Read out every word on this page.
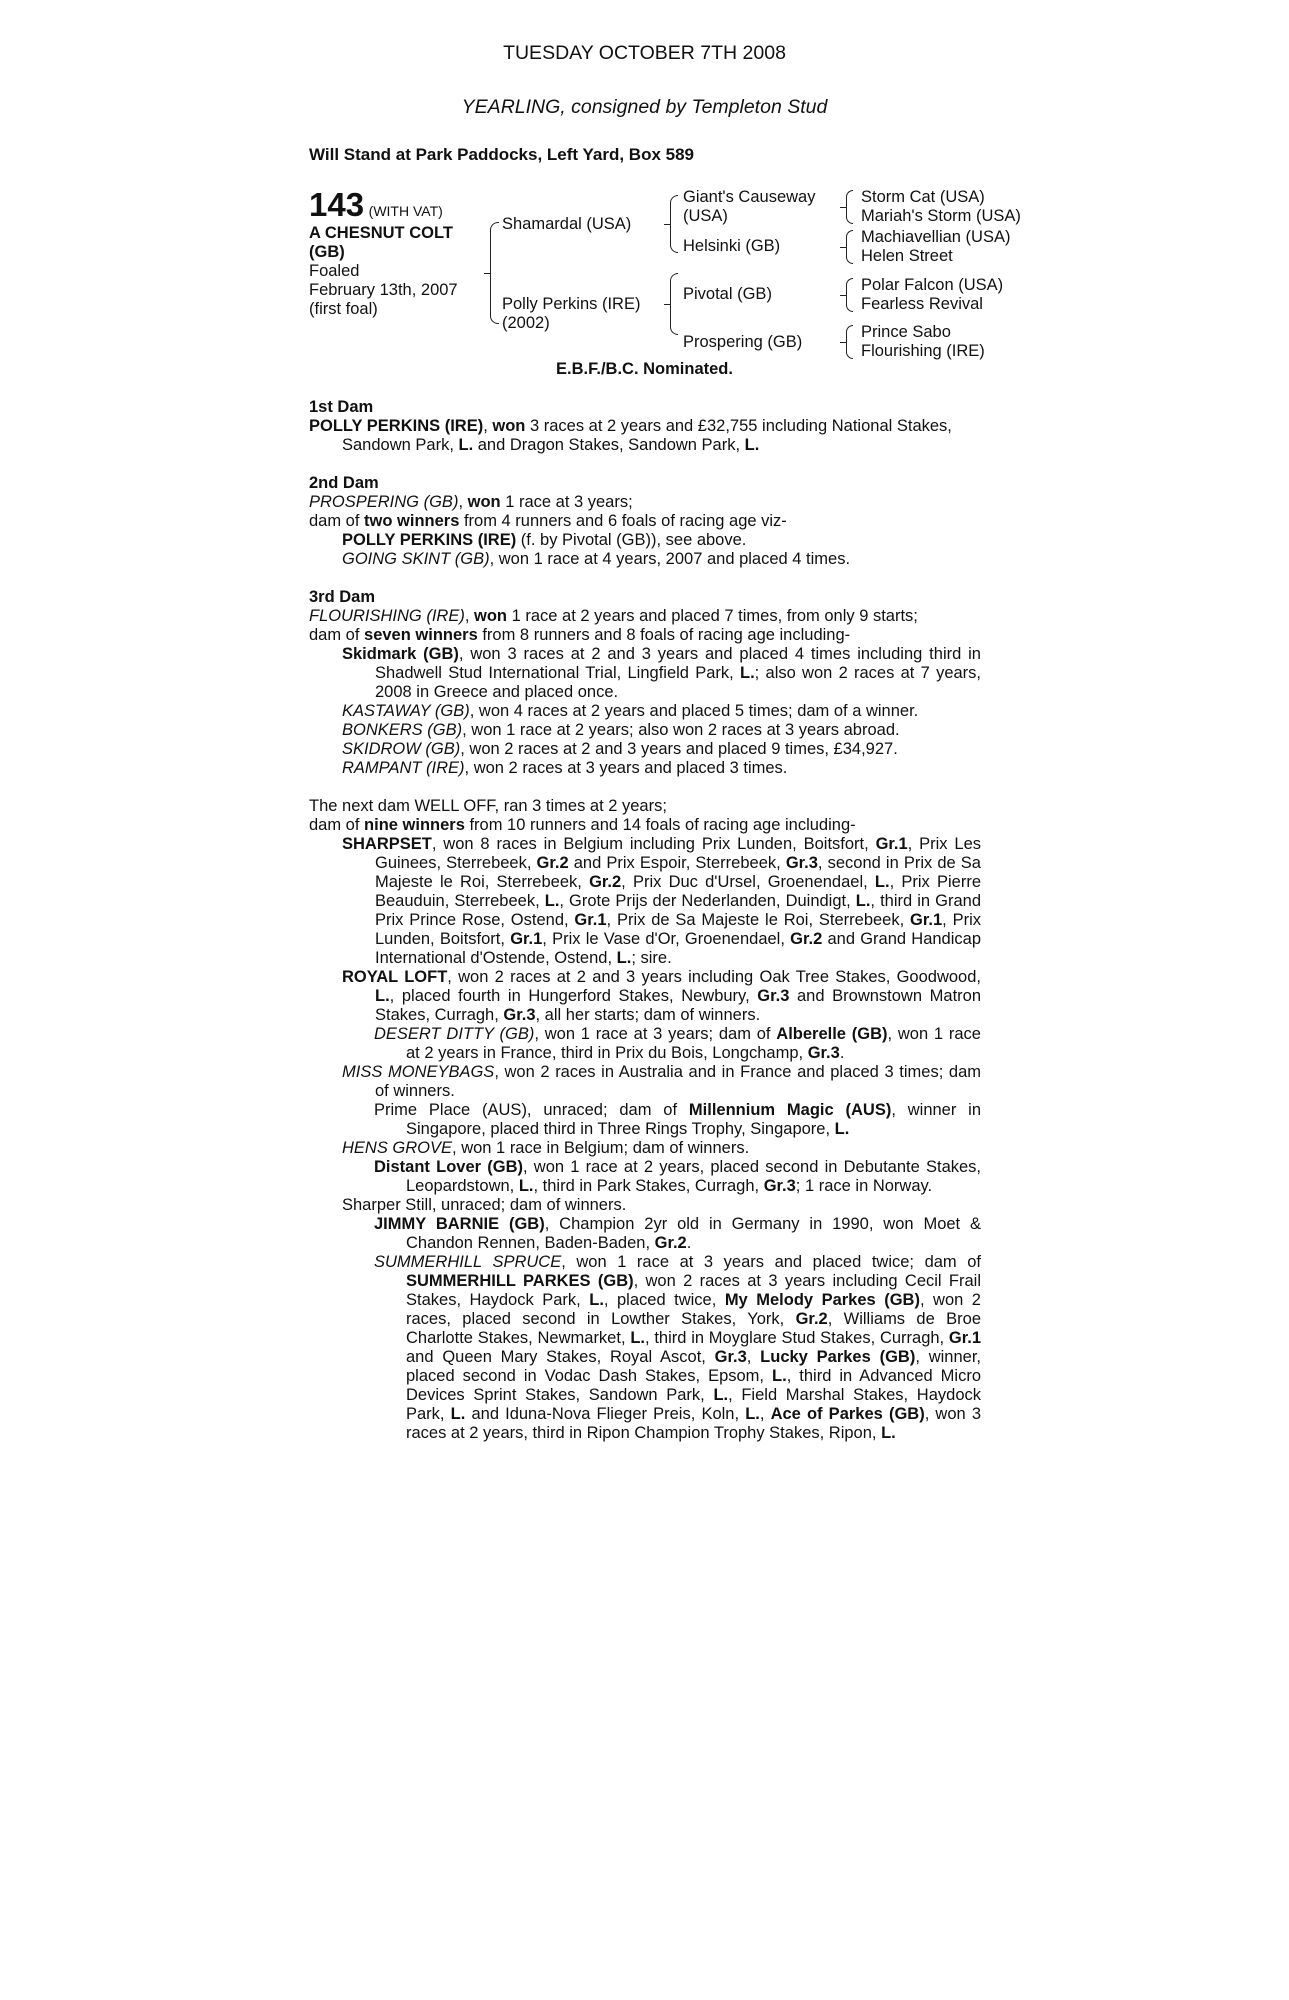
TUESDAY OCTOBER 7TH 2008
YEARLING, consigned by Templeton Stud
Will Stand at Park Paddocks, Left Yard, Box 589
143 (WITH VAT)
A CHESNUT COLT
(GB)
Foaled
February 13th, 2007
(first foal)
Shamardal (USA)
Polly Perkins (IRE)
(2002)
Giant's Causeway
(USA)
Helsinki (GB)
Pivotal (GB)
Prospering (GB)
Storm Cat (USA)
Mariah's Storm (USA)
Machiavellian (USA)
Helen Street
Polar Falcon (USA)
Fearless Revival
Prince Sabo
Flourishing (IRE)
E.B.F./B.C. Nominated.

1st Dam

POLLY PERKINS (IRE), won 3 races at 2 years and £32,755 including National Stakes, Sandown Park, L. and Dragon Stakes, Sandown Park, L.

2nd Dam

PROSPERING (GB), won 1 race at 3 years;

dam of two winners from 4 runners and 6 foals of racing age viz-

POLLY PERKINS (IRE) (f. by Pivotal (GB)), see above.

GOING SKINT (GB), won 1 race at 4 years, 2007 and placed 4 times.

3rd Dam

FLOURISHING (IRE), won 1 race at 2 years and placed 7 times, from only 9 starts;

dam of seven winners from 8 runners and 8 foals of racing age including-

Skidmark (GB), won 3 races at 2 and 3 years and placed 4 times including third in Shadwell Stud International Trial, Lingfield Park, L.; also won 2 races at 7 years, 2008 in Greece and placed once.

KASTAWAY (GB), won 4 races at 2 years and placed 5 times; dam of a winner.

BONKERS (GB), won 1 race at 2 years; also won 2 races at 3 years abroad.

SKIDROW (GB), won 2 races at 2 and 3 years and placed 9 times, £34,927.

RAMPANT (IRE), won 2 races at 3 years and placed 3 times.

The next dam WELL OFF, ran 3 times at 2 years;

dam of nine winners from 10 runners and 14 foals of racing age including-

SHARPSET, won 8 races in Belgium including Prix Lunden, Boitsfort, Gr.1, Prix Les Guinees, Sterrebeek, Gr.2 and Prix Espoir, Sterrebeek, Gr.3, second in Prix de Sa Majeste le Roi, Sterrebeek, Gr.2, Prix Duc d'Ursel, Groenendael, L., Prix Pierre Beauduin, Sterrebeek, L., Grote Prijs der Nederlanden, Duindigt, L., third in Grand Prix Prince Rose, Ostend, Gr.1, Prix de Sa Majeste le Roi, Sterrebeek, Gr.1, Prix Lunden, Boitsfort, Gr.1, Prix le Vase d'Or, Groenendael, Gr.2 and Grand Handicap International d'Ostende, Ostend, L.; sire.

ROYAL LOFT, won 2 races at 2 and 3 years including Oak Tree Stakes, Goodwood, L., placed fourth in Hungerford Stakes, Newbury, Gr.3 and Brownstown Matron Stakes, Curragh, Gr.3, all her starts; dam of winners.

DESERT DITTY (GB), won 1 race at 3 years; dam of Alberelle (GB), won 1 race at 2 years in France, third in Prix du Bois, Longchamp, Gr.3.

MISS MONEYBAGS, won 2 races in Australia and in France and placed 3 times; dam of winners.

Prime Place (AUS), unraced; dam of Millennium Magic (AUS), winner in Singapore, placed third in Three Rings Trophy, Singapore, L.

HENS GROVE, won 1 race in Belgium; dam of winners.

Distant Lover (GB), won 1 race at 2 years, placed second in Debutante Stakes, Leopardstown, L., third in Park Stakes, Curragh, Gr.3; 1 race in Norway.

Sharper Still, unraced; dam of winners.

JIMMY BARNIE (GB), Champion 2yr old in Germany in 1990, won Moet & Chandon Rennen, Baden-Baden, Gr.2.

SUMMERHILL SPRUCE, won 1 race at 3 years and placed twice; dam of SUMMERHILL PARKES (GB), won 2 races at 3 years including Cecil Frail Stakes, Haydock Park, L., placed twice, My Melody Parkes (GB), won 2 races, placed second in Lowther Stakes, York, Gr.2, Williams de Broe Charlotte Stakes, Newmarket, L., third in Moyglare Stud Stakes, Curragh, Gr.1 and Queen Mary Stakes, Royal Ascot, Gr.3, Lucky Parkes (GB), winner, placed second in Vodac Dash Stakes, Epsom, L., third in Advanced Micro Devices Sprint Stakes, Sandown Park, L., Field Marshal Stakes, Haydock Park, L. and Iduna-Nova Flieger Preis, Koln, L., Ace of Parkes (GB), won 3 races at 2 years, third in Ripon Champion Trophy Stakes, Ripon, L.
